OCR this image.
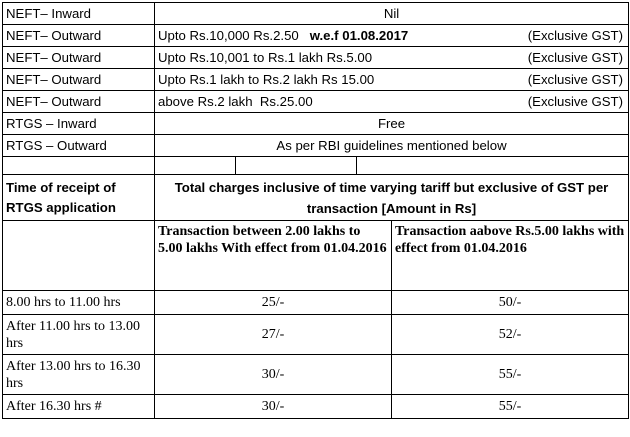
NEFT– Inward	Nil	
NEFT– Outward	Upto Rs.10,000 Rs.2.50 w.e.f 01.08.2017 (Exclusive GST)	

NEFT– Outward	Upto Rs.10,001 to Rs.1 lakh Rs.5.00 (Exclusive GST)	

NEFT– Outward	Upto Rs.1 lakh to Rs.2 lakh Rs 15.00 (Exclusive GST)	

NEFT– Outward	above Rs.2 lakh  Rs.25.00 (Exclusive GST)	

RTGS – Inward	Free	
RTGS – Outward	As per RBI guidelines mentioned below	

Time of receipt of RTGS application	Total charges inclusive of time varying tariff but exclusive of GST per transaction [Amount in Rs]	
	Transaction between 2.00 lakhs to 5.00 lakhs With effect from 01.04.2016	Transaction aabove Rs.5.00 lakhs with effect from 01.04.2016
8.00 hrs to 11.00 hrs	25/-	50/-
After 11.00 hrs to 13.00 hrs	27/-	52/-
After 13.00 hrs to 16.30 hrs	30/-	55/-
After 16.30 hrs #	30/-	55/-
